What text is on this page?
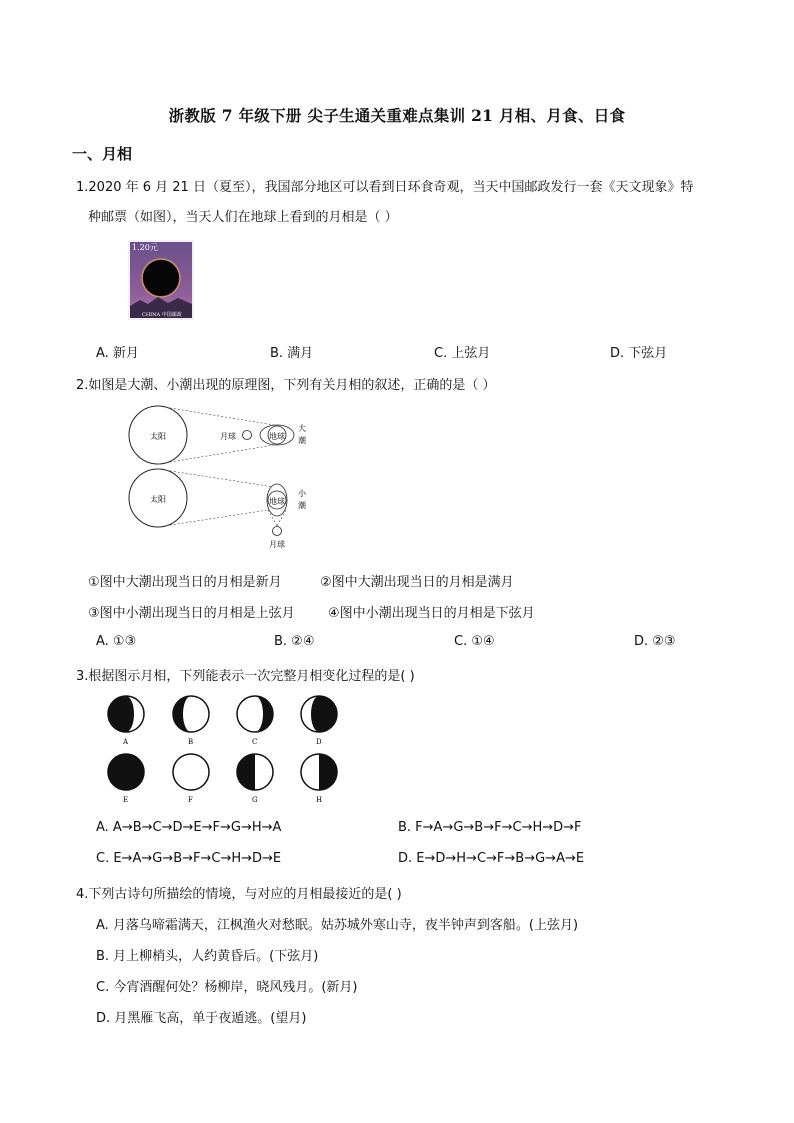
浙教版 7 年级下册 尖子生通关重难点集训 21 月相、月食、日食
一、月相
1.2020 年 6 月 21 日（夏至），我国部分地区可以看到日环食奇观，当天中国邮政发行一套《天文现象》特
种邮票（如图），当天人们在地球上看到的月相是（ ）
1.20元
CHINA 中国邮政
A. 新月	B. 满月	C. 上弦月	D. 下弦月
2.如图是大潮、小潮出现的原理图，下列有关月相的叙述，正确的是（ ）
太阳	月球	地球
大
潮
太阳	地球
小
潮
月球
①图中大潮出现当日的月相是新月	②图中大潮出现当日的月相是满月
③图中小潮出现当日的月相是上弦月	④图中小潮出现当日的月相是下弦月
A. ①③	B. ②④	C. ①④	D. ②③
3.根据图示月相，下列能表示一次完整月相变化过程的是( )
A	B	C	D
E	F	G	H
A. A→B→C→D→E→F→G→H→A	B. F→A→G→B→F→C→H→D→F
C. E→A→G→B→F→C→H→D→E	D. E→D→H→C→F→B→G→A→E
4.下列古诗句所描绘的情境，与对应的月相最接近的是( )
A. 月落乌啼霜满天，江枫渔火对愁眠。姑苏城外寒山寺，夜半钟声到客船。(上弦月)
B. 月上柳梢头，人约黄昏后。(下弦月)
C. 今宵酒醒何处？杨柳岸，晓风残月。(新月)
D. 月黑雁飞高，单于夜遁逃。(望月)
